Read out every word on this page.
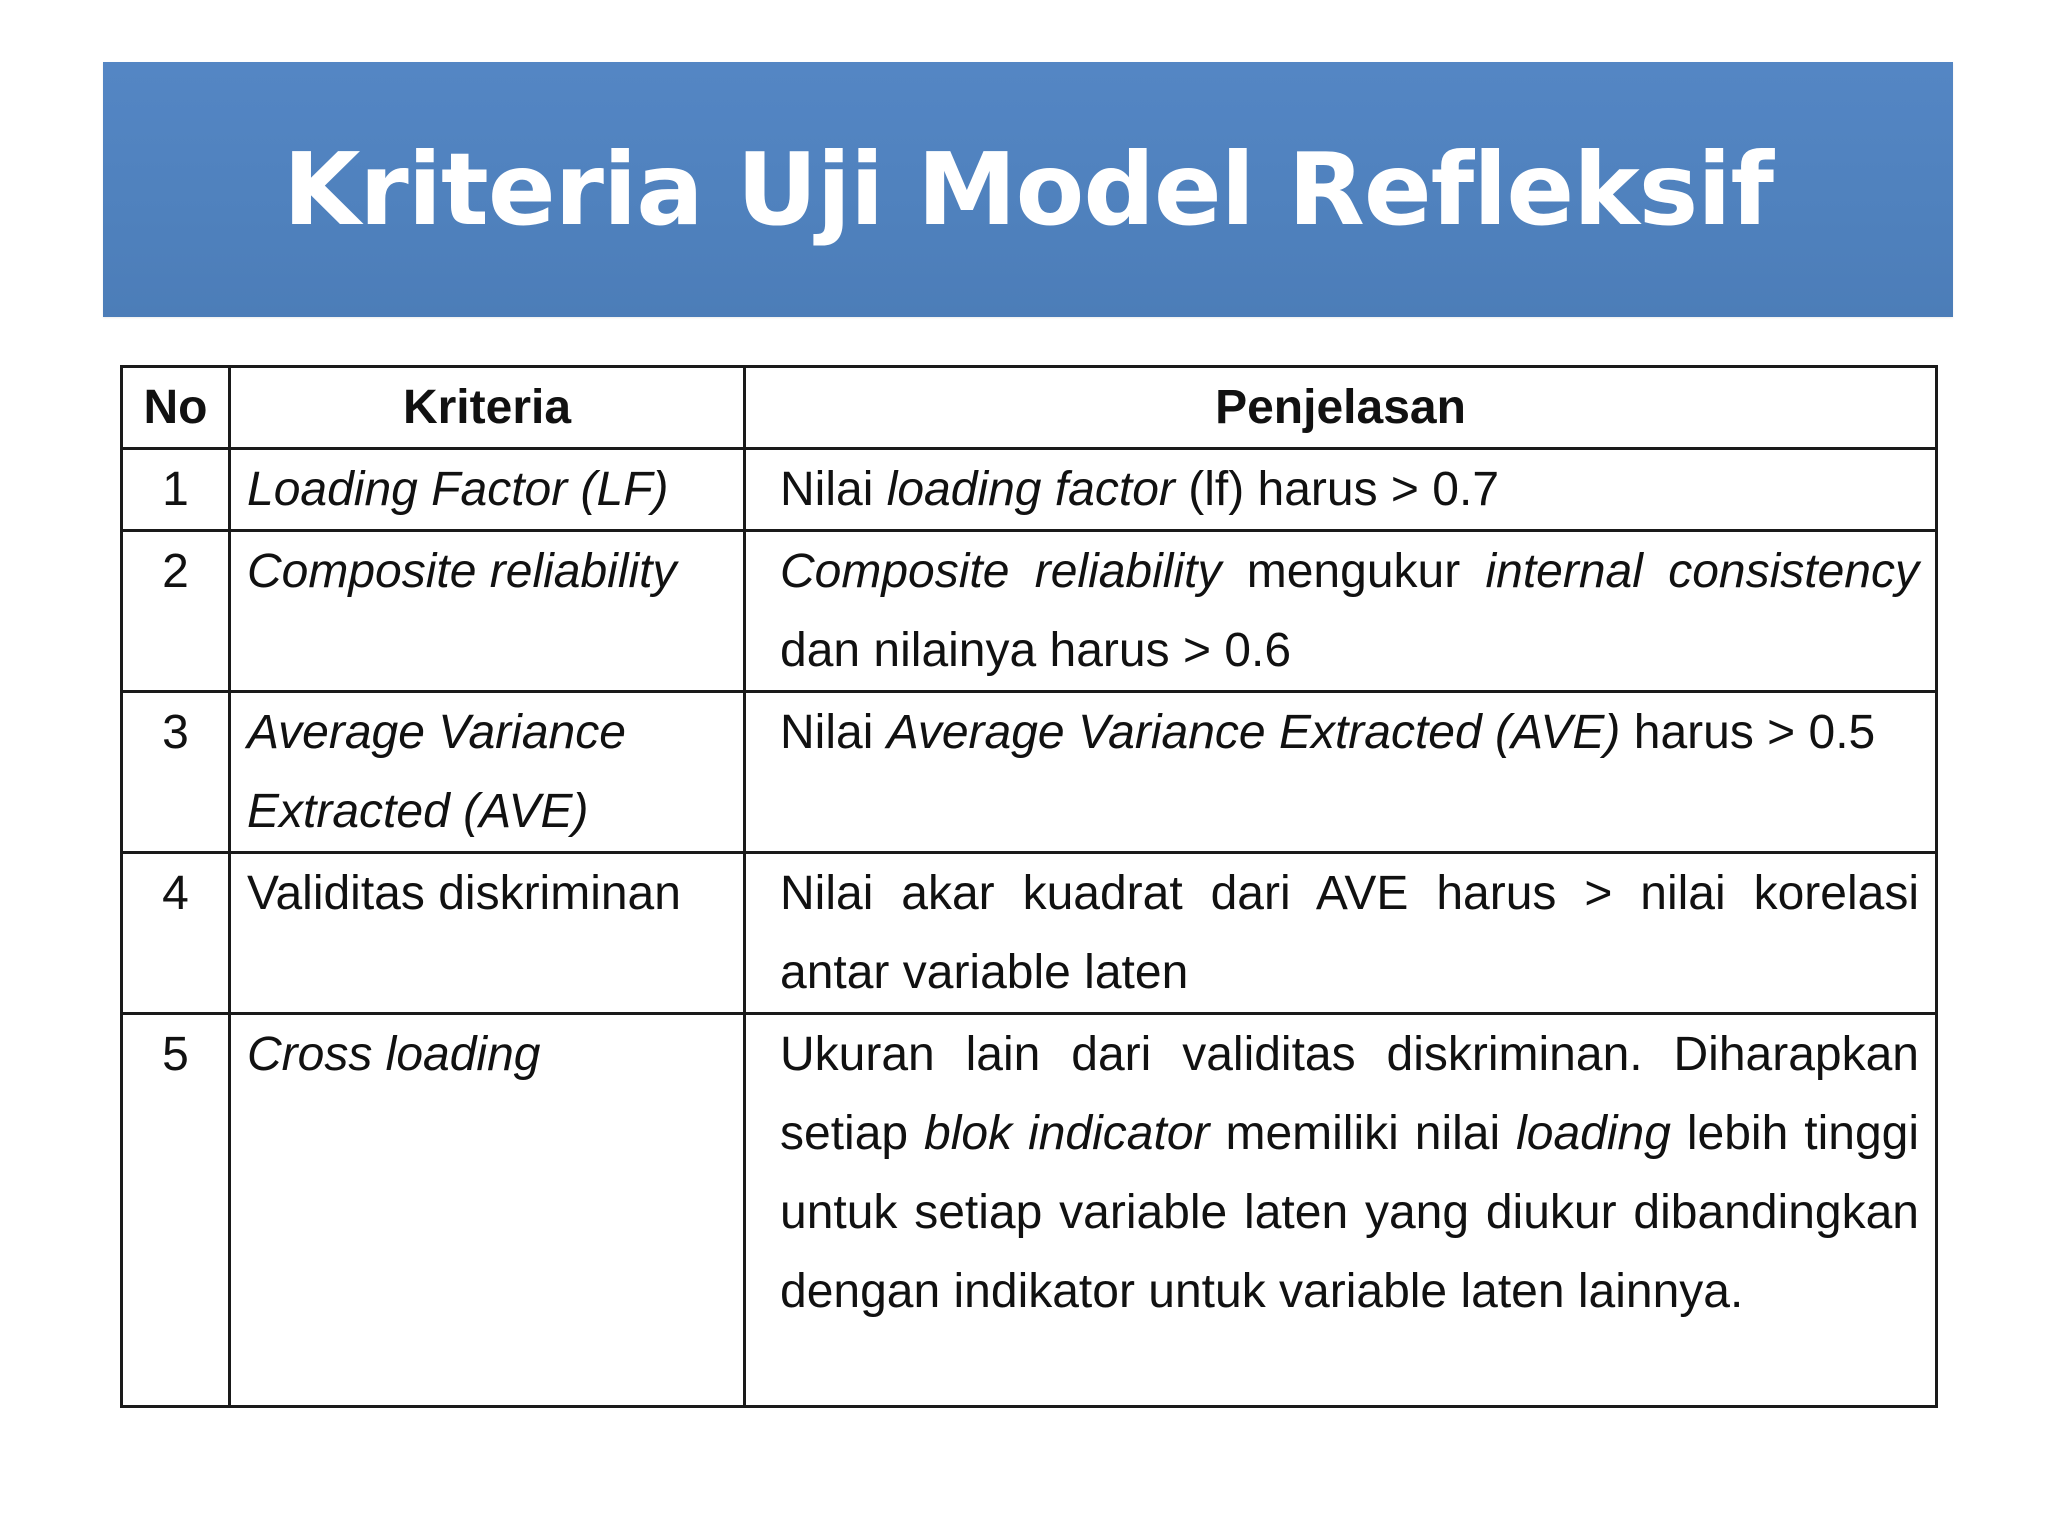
Kriteria Uji Model Refleksif
No	Kriteria	Penjelasan
1	Loading Factor (LF)	Nilai loading factor (lf) harus > 0.7
2	Composite reliability	Composite reliability mengukur internal consistency dan nilainya harus > 0.6
3	Average Variance Extracted (AVE)	Nilai Average Variance Extracted (AVE) harus > 0.5
4	Validitas diskriminan	Nilai akar kuadrat dari AVE harus > nilai korelasi antar variable laten
5	Cross loading	Ukuran lain dari validitas diskriminan. Diharapkan setiap blok indicator memiliki nilai loading lebih tinggi untuk setiap variable laten yang diukur dibandingkan dengan indikator untuk variable laten lainnya.
